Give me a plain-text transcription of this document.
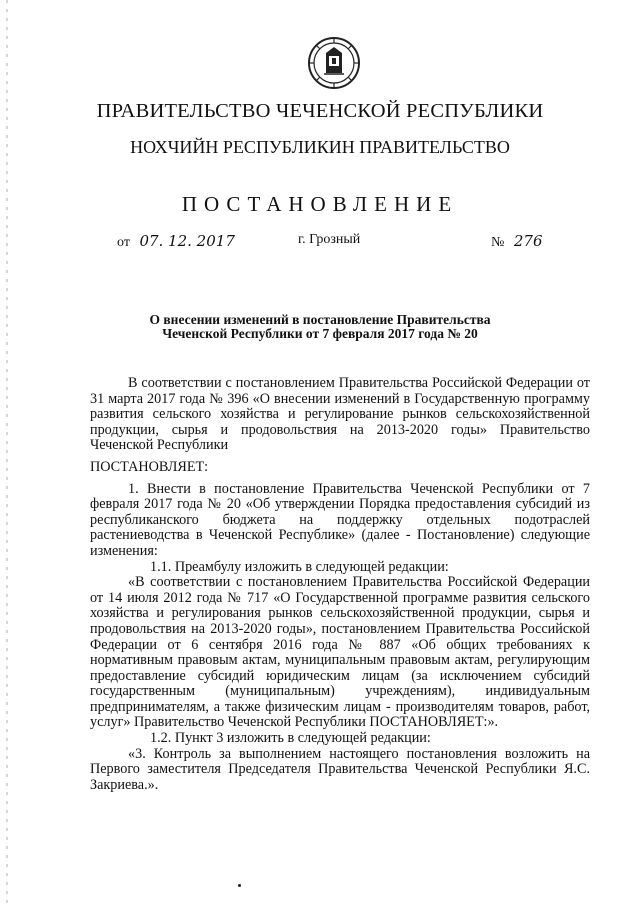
ПРАВИТЕЛЬСТВО ЧЕЧЕНСКОЙ РЕСПУБЛИКИ
НОХЧИЙН РЕСПУБЛИКИН ПРАВИТЕЛЬСТВО
ПОСТАНОВЛЕНИЕ
от 07. 12. 2017	г. Грозный	№ 276
О внесении изменений в постановление Правительства
Чеченской Республики от 7 февраля 2017 года № 20

В соответствии с постановлением Правительства Российской Федерации от 31 марта 2017 года № 396 «О внесении изменений в Государственную программу развития сельского хозяйства и регулирование рынков сельскохозяйственной продукции, сырья и продовольствия на 2013-2020 годы» Правительство Чеченской Республики

ПОСТАНОВЛЯЕТ:

1. Внести в постановление Правительства Чеченской Республики от 7 февраля 2017 года № 20 «Об утверждении Порядка предоставления субсидий из республиканского бюджета на поддержку отдельных подотраслей растениеводства в Чеченской Республике» (далее - Постановление) следующие изменения:

1.1. Преамбулу изложить в следующей редакции:

«В соответствии с постановлением Правительства Российской Федерации от 14 июля 2012 года № 717 «О Государственной программе развития сельского хозяйства и регулирования рынков сельскохозяйственной продукции, сырья и продовольствия на 2013-2020 годы», постановлением Правительства Российской Федерации от 6 сентября 2016 года № 887 «Об общих требованиях к нормативным правовым актам, муниципальным правовым актам, регулирующим предоставление субсидий юридическим лицам (за исключением субсидий государственным (муниципальным) учреждениям), индивидуальным предпринимателям, а также физическим лицам - производителям товаров, работ, услуг» Правительство Чеченской Республики ПОСТАНОВЛЯЕТ:».

1.2. Пункт 3 изложить в следующей редакции:

«3. Контроль за выполнением настоящего постановления возложить на Первого заместителя Председателя Правительства Чеченской Республики Я.С. Закриева.».
